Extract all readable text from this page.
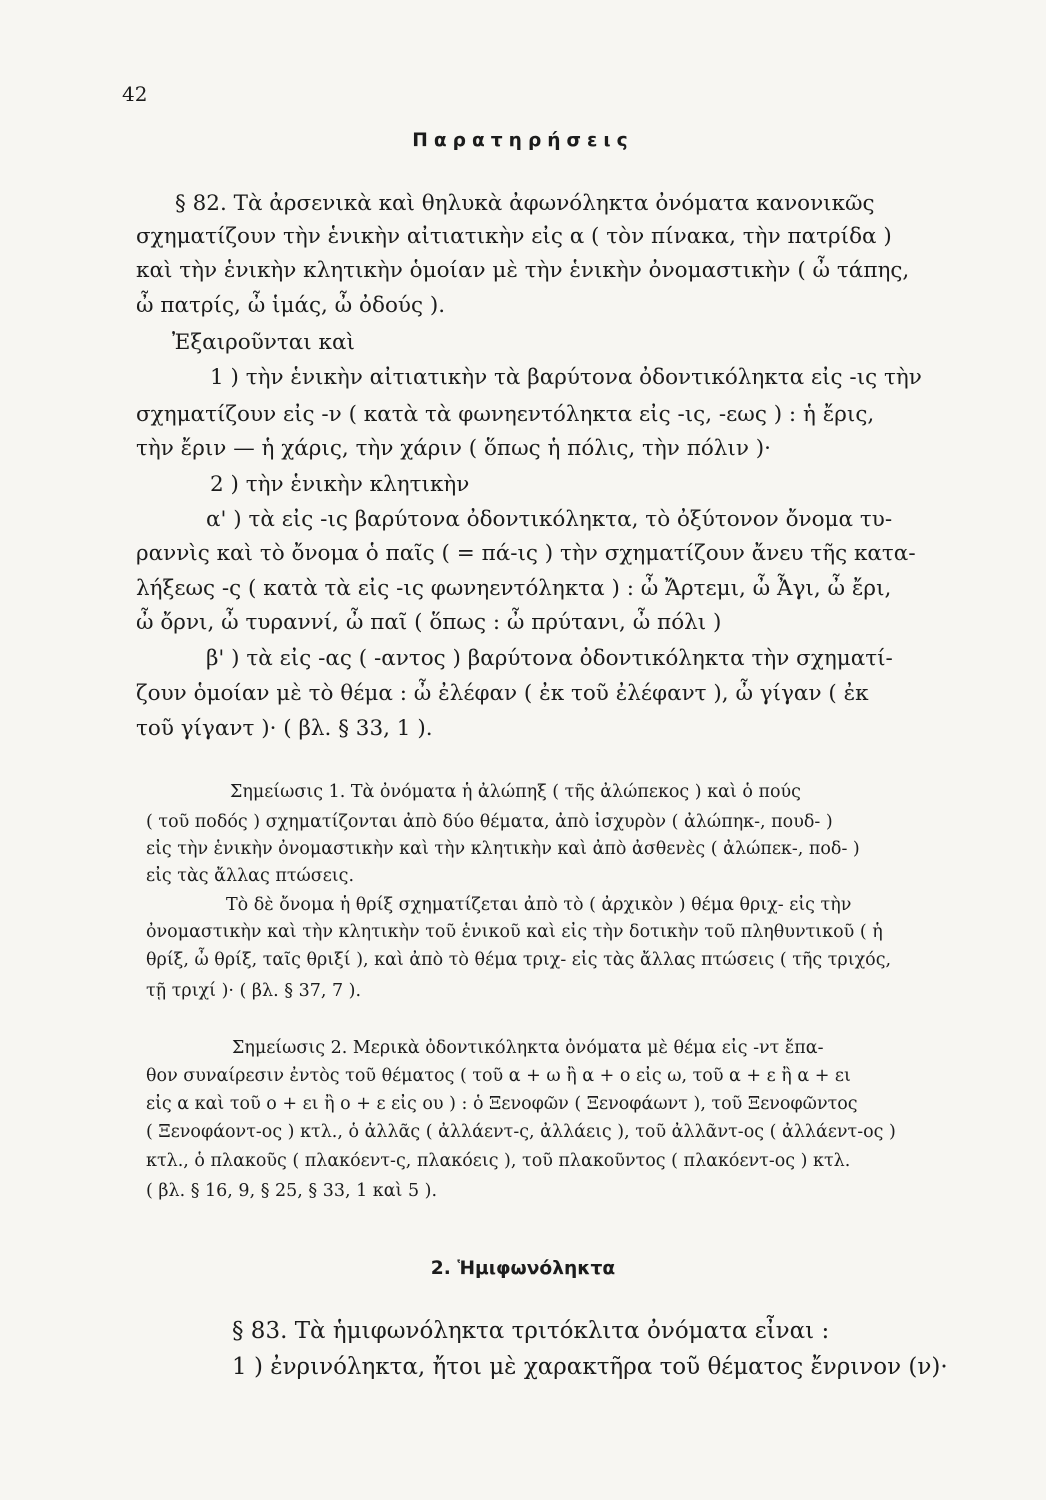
42
Παρατηρήσεις
§ 82. Τὰ ἀρσενικὰ καὶ θηλυκὰ ἀφωνόληκτα ὀνόματα κανονικῶς
σχηματίζουν τὴν ἑνικὴν αἰτιατικὴν εἰς α ( τὸν πίνακα, τὴν πατρίδα )
καὶ τὴν ἑνικὴν κλητικὴν ὁμοίαν μὲ τὴν ἑνικὴν ὀνομαστικὴν ( ὦ τάπης,
ὦ πατρίς, ὦ ἱμάς, ὦ ὀδούς ).
Ἐξαιροῦνται καὶ
1 ) τὴν ἑνικὴν αἰτιατικὴν τὰ βαρύτονα ὀδοντικόληκτα εἰς -ις τὴν
σχηματίζουν εἰς -ν ( κατὰ τὰ φωνηεντόληκτα εἰς -ις, -εως ) : ἡ ἔρις,
τὴν ἔριν — ἡ χάρις, τὴν χάριν ( ὅπως ἡ πόλις, τὴν πόλιν )·
2 ) τὴν ἑνικὴν κλητικὴν
α' ) τὰ εἰς -ις βαρύτονα ὀδοντικόληκτα, τὸ ὀξύτονον ὄνομα τυ-
ραννὶς καὶ τὸ ὄνομα ὁ παῖς ( = πά-ις ) τὴν σχηματίζουν ἄνευ τῆς κατα-
λήξεως -ς ( κατὰ τὰ εἰς -ις φωνηεντόληκτα ) : ὦ Ἄρτεμι, ὦ Ἆγι, ὦ ἔρι,
ὦ ὄρνι, ὦ τυραννί, ὦ παῖ ( ὅπως : ὦ πρύτανι, ὦ πόλι )
β' ) τὰ εἰς -ας ( -αντος ) βαρύτονα ὀδοντικόληκτα τὴν σχηματί-
ζουν ὁμοίαν μὲ τὸ θέμα : ὦ ἐλέφαν ( ἐκ τοῦ ἐλέφαντ ), ὦ γίγαν ( ἐκ
τοῦ γίγαντ )· ( βλ. § 33, 1 ).
Σημείωσις 1. Τὰ ὀνόματα ἡ ἀλώπηξ ( τῆς ἀλώπεκος ) καὶ ὁ πούς
( τοῦ ποδός ) σχηματίζονται ἀπὸ δύο θέματα, ἀπὸ ἰσχυρὸν ( ἀλώπηκ-, πουδ- )
εἰς τὴν ἑνικὴν ὀνομαστικὴν καὶ τὴν κλητικὴν καὶ ἀπὸ ἀσθενὲς ( ἀλώπεκ-, ποδ- )
εἰς τὰς ἄλλας πτώσεις.
Τὸ δὲ ὄνομα ἡ θρίξ σχηματίζεται ἀπὸ τὸ ( ἀρχικὸν ) θέμα θριχ- εἰς τὴν
ὀνομαστικὴν καὶ τὴν κλητικὴν τοῦ ἑνικοῦ καὶ εἰς τὴν δοτικὴν τοῦ πληθυντικοῦ ( ἡ
θρίξ, ὦ θρίξ, ταῖς θριξί ), καὶ ἀπὸ τὸ θέμα τριχ- εἰς τὰς ἄλλας πτώσεις ( τῆς τριχός,
τῇ τριχί )· ( βλ. § 37, 7 ).
Σημείωσις 2. Μερικὰ ὀδοντικόληκτα ὀνόματα μὲ θέμα εἰς -ντ ἔπα-
θον συναίρεσιν ἐντὸς τοῦ θέματος ( τοῦ α + ω ἢ α + ο εἰς ω, τοῦ α + ε ἢ α + ει
εἰς α καὶ τοῦ ο + ει ἢ ο + ε εἰς ου ) : ὁ Ξενοφῶν ( Ξενοφάωντ ), τοῦ Ξενοφῶντος
( Ξενοφάοντ-ος ) κτλ., ὁ ἀλλᾶς ( ἀλλάεντ-ς, ἀλλάεις ), τοῦ ἀλλᾶντ-ος ( ἀλλάεντ-ος )
κτλ., ὁ πλακοῦς ( πλακόεντ-ς, πλακόεις ), τοῦ πλακοῦντος ( πλακόεντ-ος ) κτλ.
( βλ. § 16, 9, § 25, § 33, 1 καὶ 5 ).
2. Ἡμιφωνόληκτα
§ 83. Τὰ ἡμιφωνόληκτα τριτόκλιτα ὀνόματα εἶναι :
1 ) ἐνρινόληκτα, ἤτοι μὲ χαρακτῆρα τοῦ θέματος ἔνρινον (ν)·
